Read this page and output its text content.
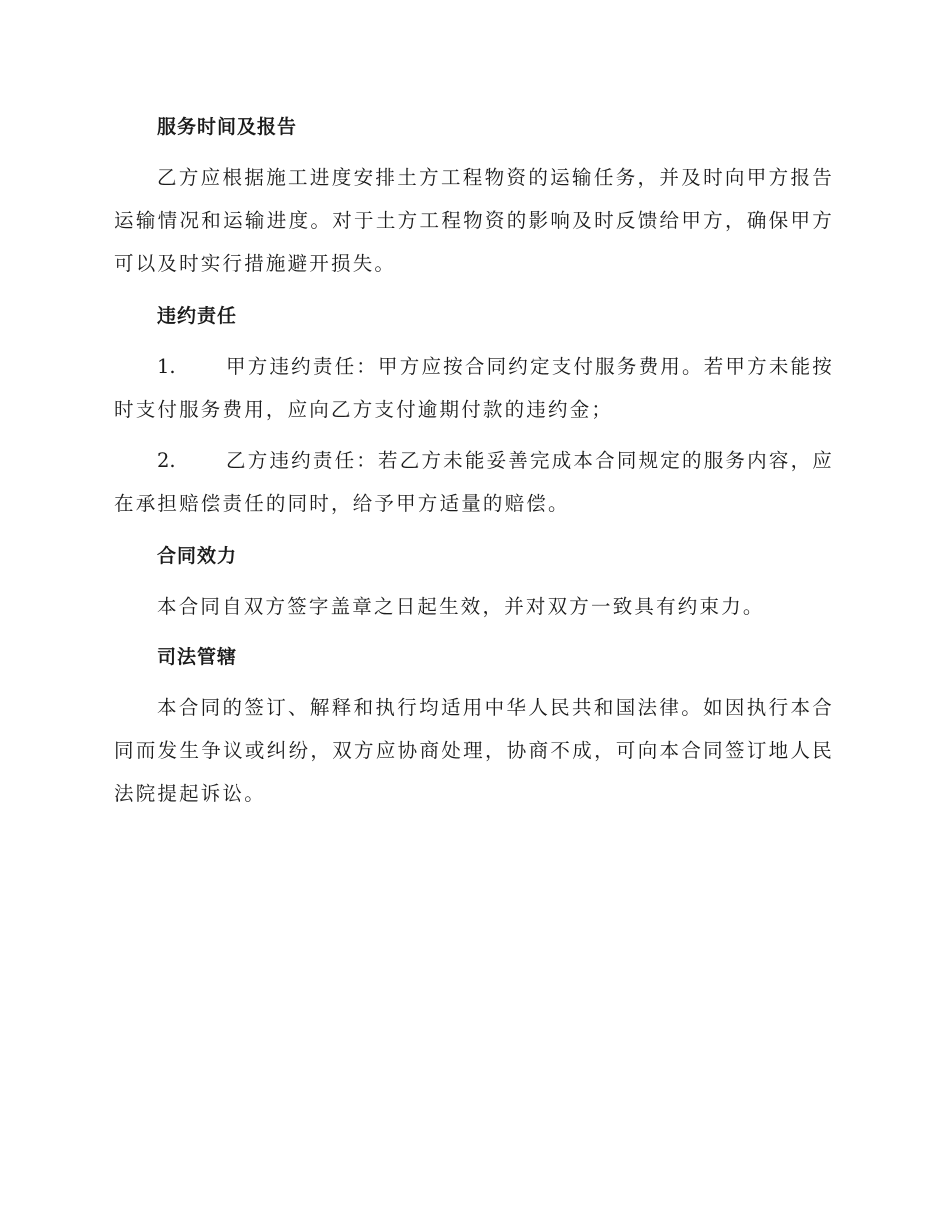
服务时间及报告

乙方应根据施工进度安排土方工程物资的运输任务，并及时向甲方报告运输情况和运输进度。对于土方工程物资的影响及时反馈给甲方，确保甲方可以及时实行措施避开损失。

违约责任

1.	甲方违约责任：甲方应按合同约定支付服务费用。若甲方未能按时支付服务费用，应向乙方支付逾期付款的违约金；

2.	乙方违约责任：若乙方未能妥善完成本合同规定的服务内容，应在承担赔偿责任的同时，给予甲方适量的赔偿。

合同效力

本合同自双方签字盖章之日起生效，并对双方一致具有约束力。

司法管辖

本合同的签订、解释和执行均适用中华人民共和国法律。如因执行本合同而发生争议或纠纷，双方应协商处理，协商不成，可向本合同签订地人民法院提起诉讼。
